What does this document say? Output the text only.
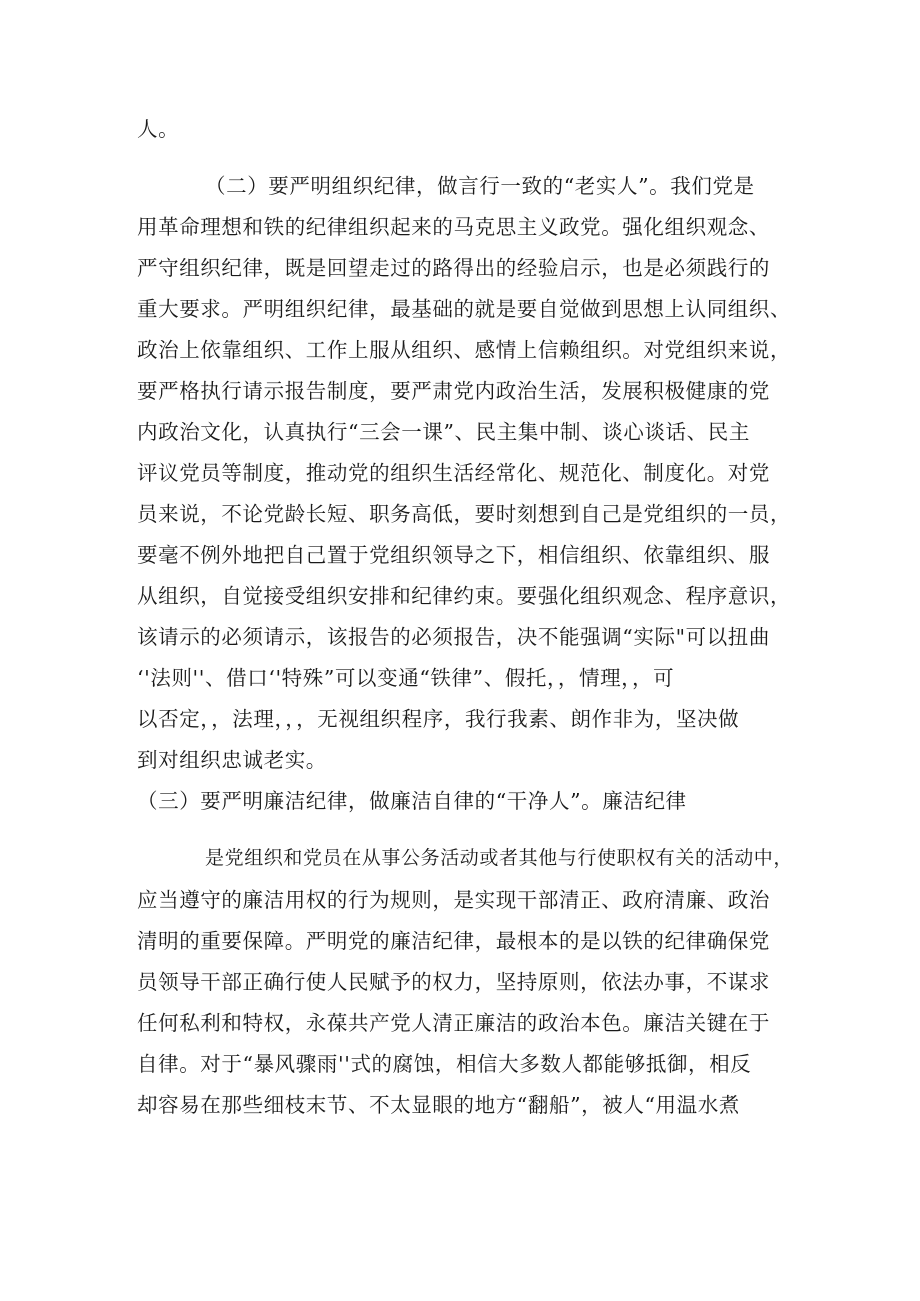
人。
（二）要严明组织纪律，做言行一致的“老实人”。我们党是
用革命理想和铁的纪律组织起来的马克思主义政党。强化组织观念、
严守组织纪律，既是回望走过的路得出的经验启示，也是必须践行的
重大要求。严明组织纪律，最基础的就是要自觉做到思想上认同组织、
政治上依靠组织、工作上服从组织、感情上信赖组织。对党组织来说，
要严格执行请示报告制度，要严肃党内政治生活，发展积极健康的党
内政治文化，认真执行“三会一课”、民主集中制、谈心谈话、民主
评议党员等制度，推动党的组织生活经常化、规范化、制度化。对党
员来说，不论党龄长短、职务高低，要时刻想到自己是党组织的一员，
要毫不例外地把自己置于党组织领导之下，相信组织、依靠组织、服
从组织，自觉接受组织安排和纪律约束。要强化组织观念、程序意识，
该请示的必须请示，该报告的必须报告，决不能强调“实际"可以扭曲
‘'法则''、借口‘'特殊”可以变通“铁律”、假托，，情理，，可
以否定，，法理，，，无视组织程序，我行我素、朗作非为，坚决做
到对组织忠诚老实。
（三）要严明廉洁纪律，做廉洁自律的“干净人”。廉洁纪律
是党组织和党员在从事公务活动或者其他与行使职权有关的活动中，
应当遵守的廉洁用权的行为规则，是实现干部清正、政府清廉、政治
清明的重要保障。严明党的廉洁纪律，最根本的是以铁的纪律确保党
员领导干部正确行使人民赋予的权力，坚持原则，依法办事，不谋求
任何私利和特权，永葆共产党人清正廉洁的政治本色。廉洁关键在于
自律。对于“暴风骤雨''式的腐蚀，相信大多数人都能够抵御，相反
却容易在那些细枝末节、不太显眼的地方“翻船”，被人“用温水煮
